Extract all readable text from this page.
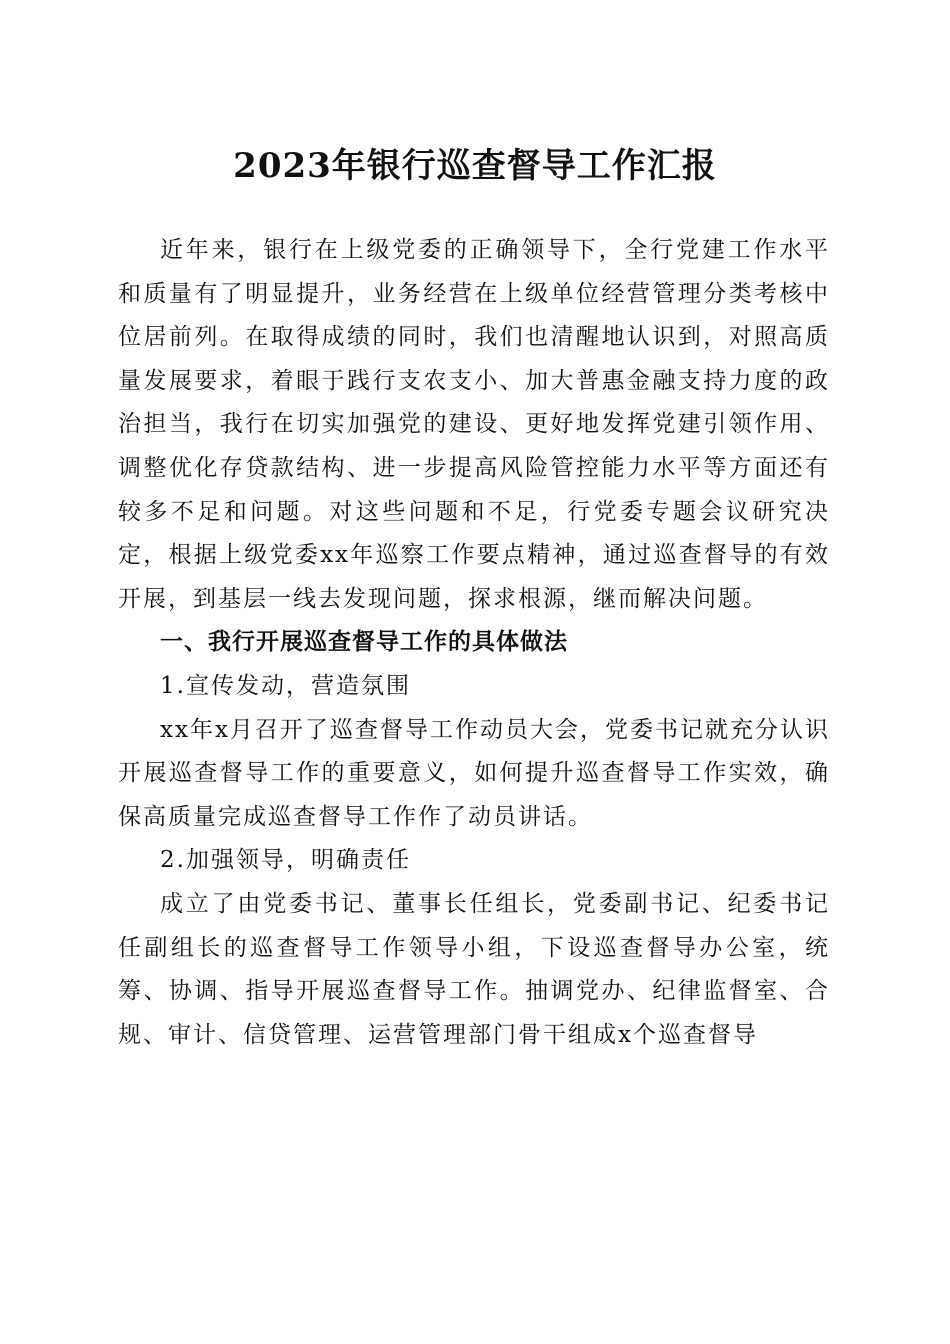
2023年银行巡查督导工作汇报

近年来，银行在上级党委的正确领导下，全行党建工作水平和质量有了明显提升，业务经营在上级单位经营管理分类考核中位居前列。在取得成绩的同时，我们也清醒地认识到，对照高质量发展要求，着眼于践行支农支小、加大普惠金融支持力度的政治担当，我行在切实加强党的建设、更好地发挥党建引领作用、调整优化存贷款结构、进一步提高风险管控能力水平等方面还有较多不足和问题。对这些问题和不足，行党委专题会议研究决定，根据上级党委xx年巡察工作要点精神，通过巡查督导的有效开展，到基层一线去发现问题，探求根源，继而解决问题。

一、我行开展巡查督导工作的具体做法

1.宣传发动，营造氛围

xx年x月召开了巡查督导工作动员大会，党委书记就充分认识开展巡查督导工作的重要意义，如何提升巡查督导工作实效，确保高质量完成巡查督导工作作了动员讲话。

2.加强领导，明确责任

成立了由党委书记、董事长任组长，党委副书记、纪委书记任副组长的巡查督导工作领导小组，下设巡查督导办公室，统筹、协调、指导开展巡查督导工作。抽调党办、纪律监督室、合规、审计、信贷管理、运营管理部门骨干组成x个巡查督导
